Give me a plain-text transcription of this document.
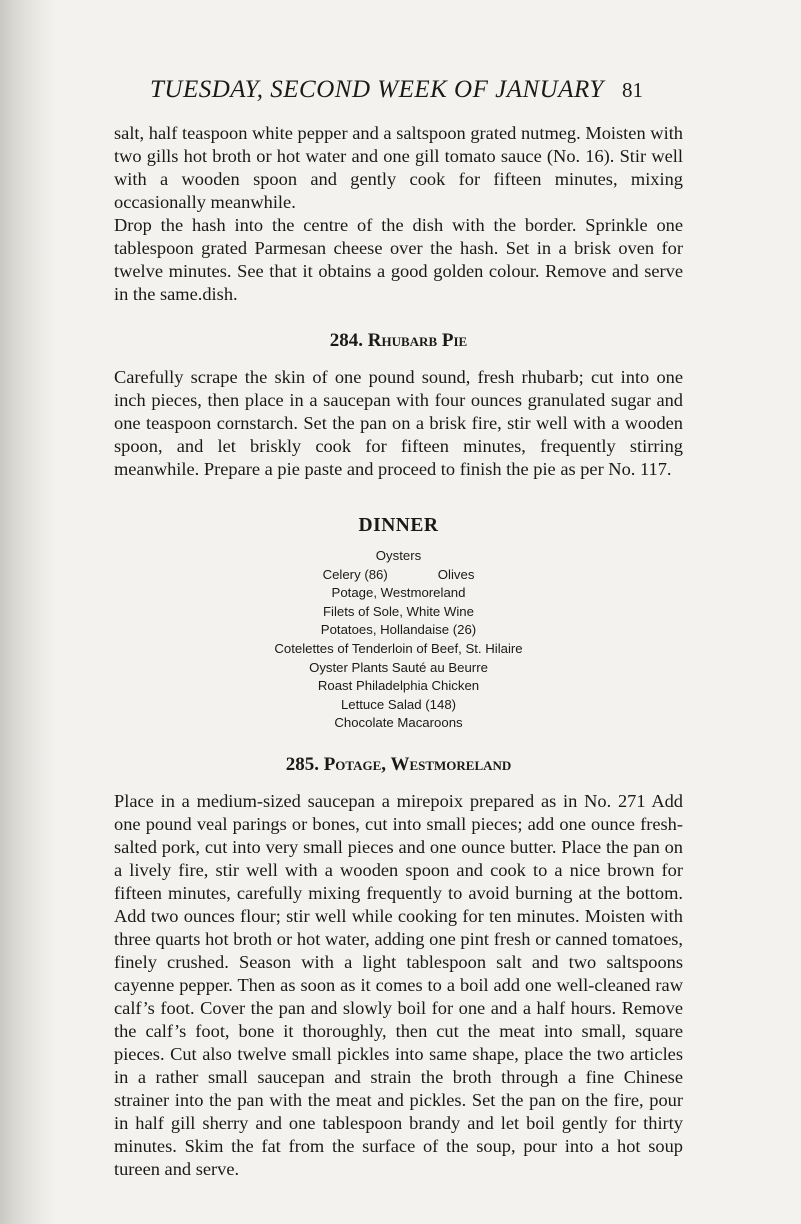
TUESDAY, SECOND WEEK OF JANUARY 81

salt, half teaspoon white pepper and a saltspoon grated nutmeg. Moisten with two gills hot broth or hot water and one gill tomato sauce (No. 16). Stir well with a wooden spoon and gently cook for fifteen minutes, mixing occasionally meanwhile.

Drop the hash into the centre of the dish with the border. Sprinkle one tablespoon grated Parmesan cheese over the hash. Set in a brisk oven for twelve minutes. See that it obtains a good golden colour. Remove and serve in the same.dish.

284. Rhubarb Pie

Carefully scrape the skin of one pound sound, fresh rhubarb; cut into one inch pieces, then place in a saucepan with four ounces granulated sugar and one teaspoon cornstarch. Set the pan on a brisk fire, stir well with a wooden spoon, and let briskly cook for fifteen minutes, frequently stirring meanwhile. Prepare a pie paste and proceed to finish the pie as per No. 117.

DINNER
Oysters
Celery (86)	Olives
Potage, Westmoreland
Filets of Sole, White Wine
Potatoes, Hollandaise (26)
Cotelettes of Tenderloin of Beef, St. Hilaire
Oyster Plants Sauté au Beurre
Roast Philadelphia Chicken
Lettuce Salad (148)
Chocolate Macaroons
285. Potage, Westmoreland

Place in a medium-sized saucepan a mirepoix prepared as in No. 271 Add one pound veal parings or bones, cut into small pieces; add one ounce fresh-salted pork, cut into very small pieces and one ounce butter. Place the pan on a lively fire, stir well with a wooden spoon and cook to a nice brown for fifteen minutes, carefully mixing frequently to avoid burning at the bottom. Add two ounces flour; stir well while cooking for ten minutes. Moisten with three quarts hot broth or hot water, adding one pint fresh or canned tomatoes, finely crushed. Season with a light tablespoon salt and two saltspoons cayenne pepper. Then as soon as it comes to a boil add one well-cleaned raw calf’s foot. Cover the pan and slowly boil for one and a half hours. Remove the calf’s foot, bone it thoroughly, then cut the meat into small, square pieces. Cut also twelve small pickles into same shape, place the two articles in a rather small saucepan and strain the broth through a fine Chinese strainer into the pan with the meat and pickles. Set the pan on the fire, pour in half gill sherry and one tablespoon brandy and let boil gently for thirty minutes. Skim the fat from the surface of the soup, pour into a hot soup tureen and serve.
